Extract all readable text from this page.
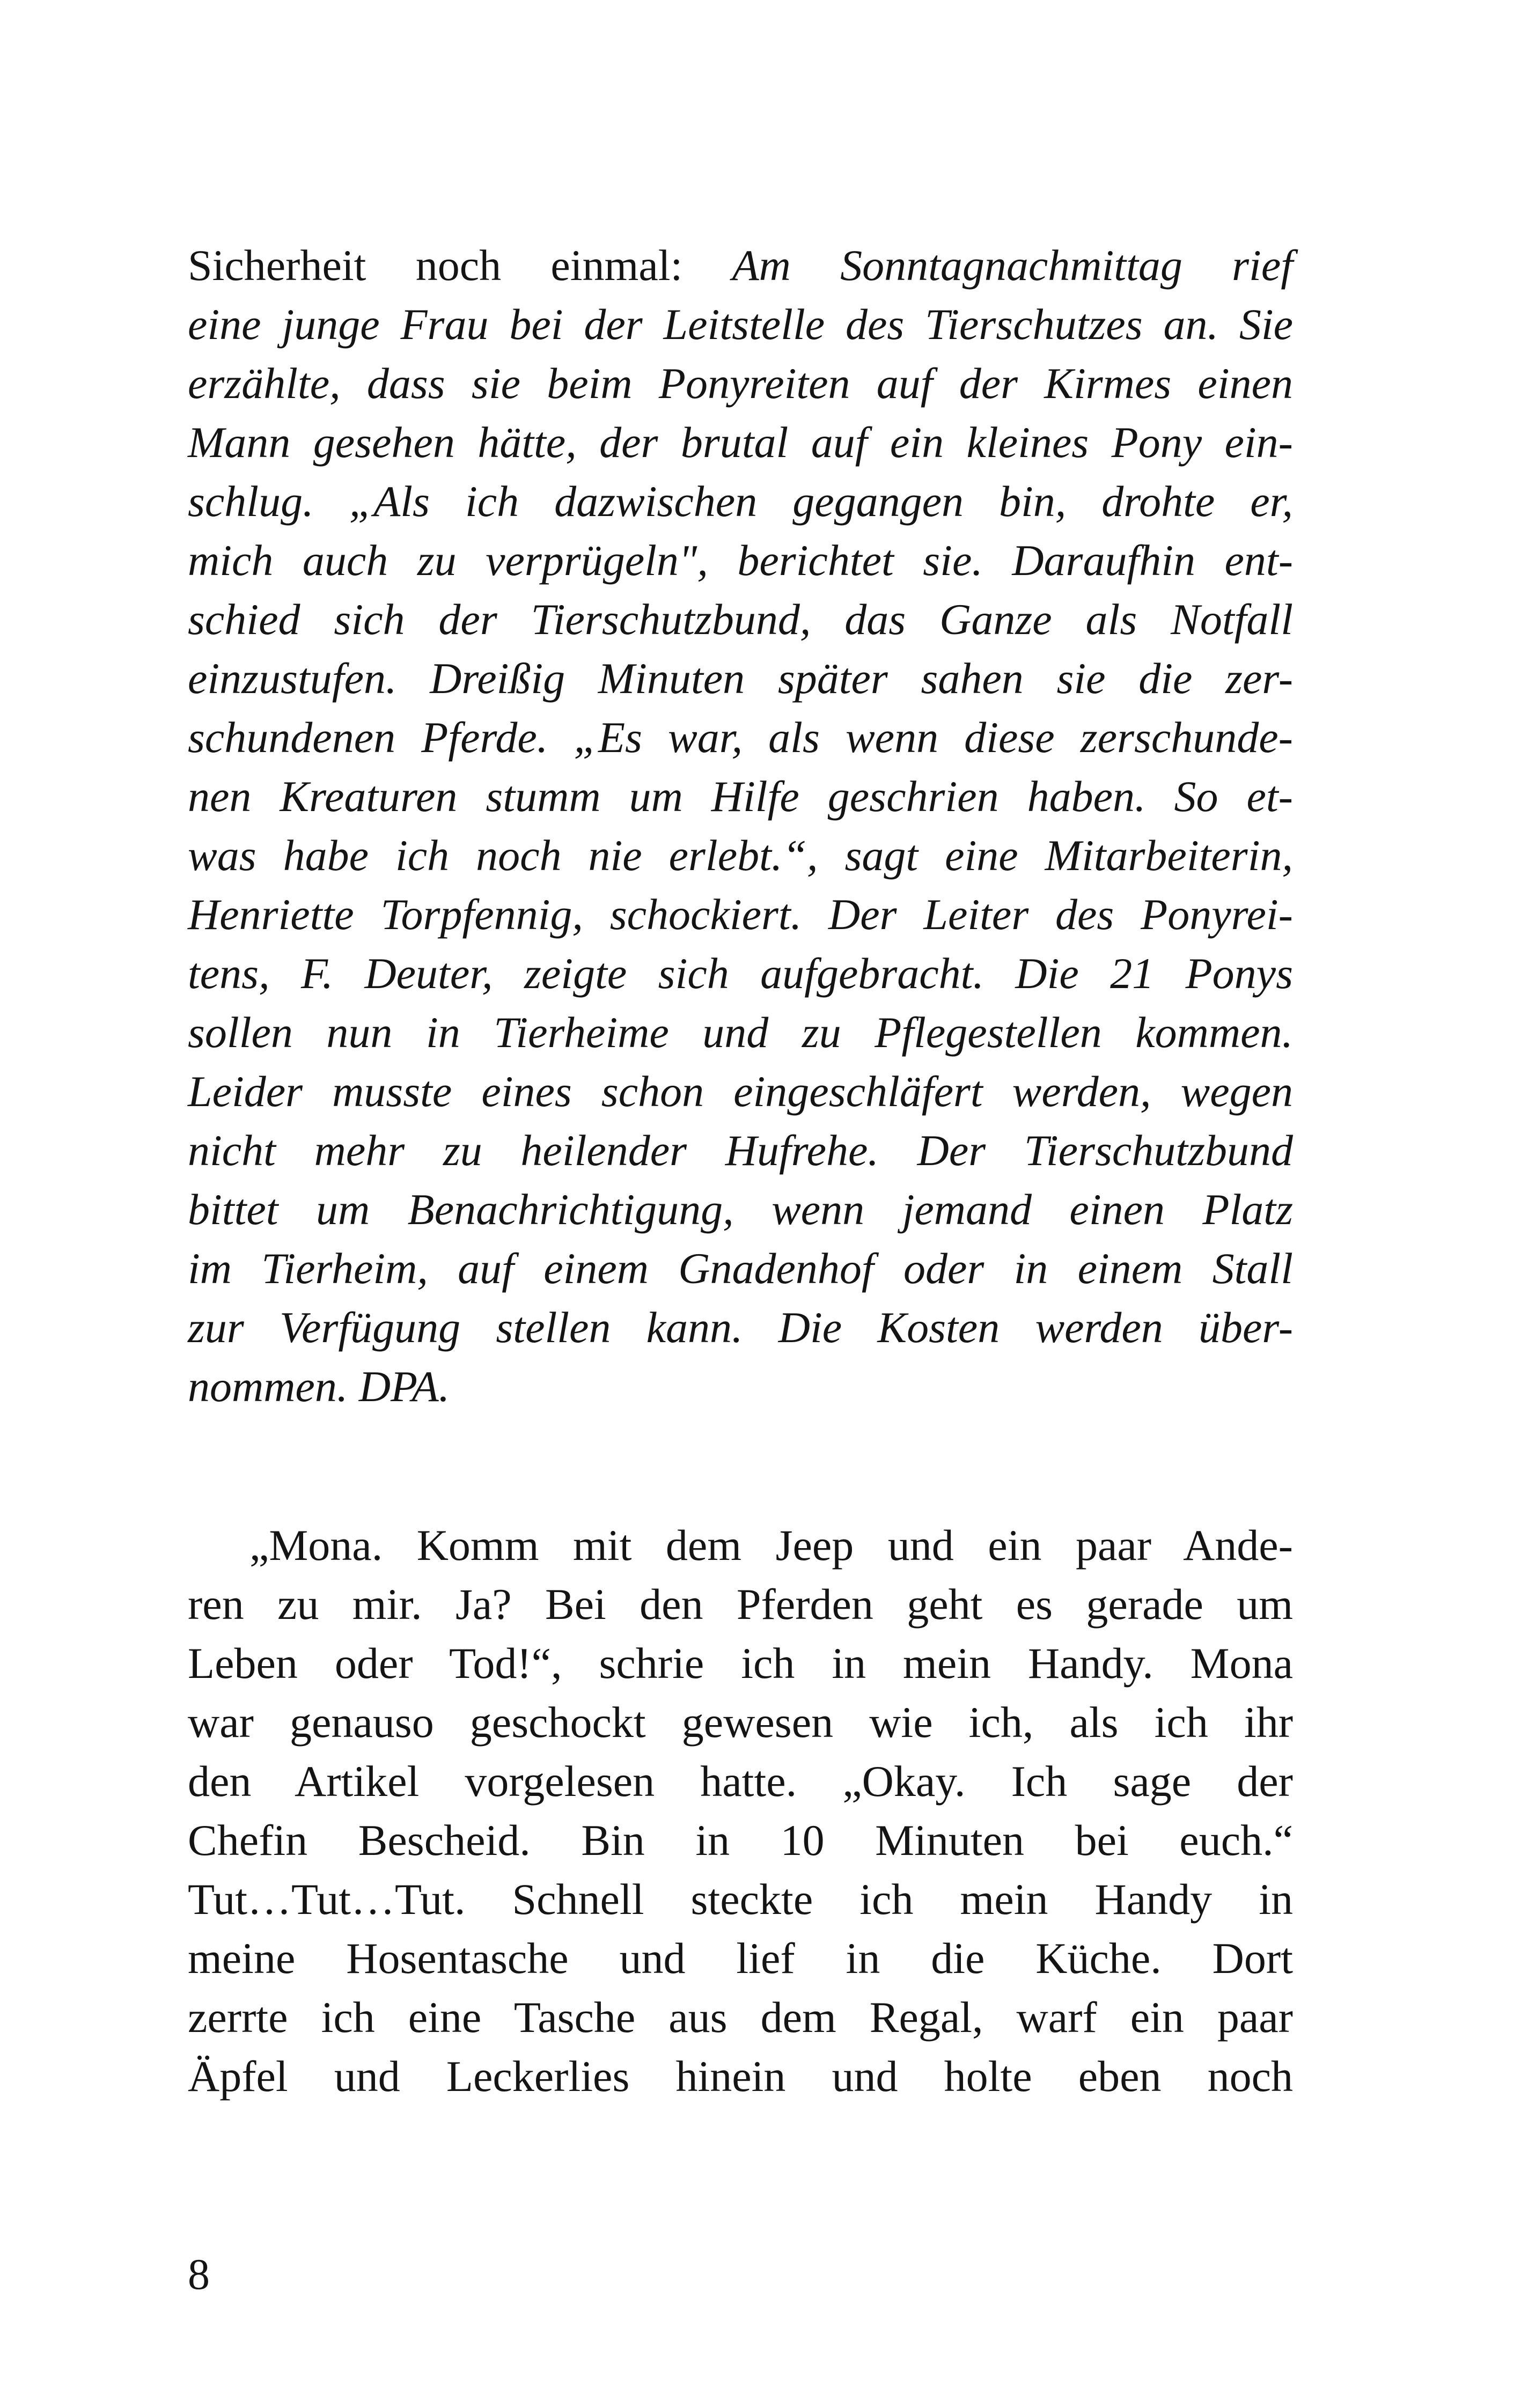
Sicherheit noch einmal: Am Sonntagnachmittag rief

eine junge Frau bei der Leitstelle des Tierschutzes an. Sie

erzählte, dass sie beim Ponyreiten auf der Kirmes einen

Mann gesehen hätte, der brutal auf ein kleines Pony ein-

schlug. „Als ich dazwischen gegangen bin, drohte er,

mich auch zu verprügeln", berichtet sie. Daraufhin ent-

schied sich der Tierschutzbund, das Ganze als Notfall

einzustufen. Dreißig Minuten später sahen sie die zer-

schundenen Pferde. „Es war, als wenn diese zerschunde-

nen Kreaturen stumm um Hilfe geschrien haben. So et-

was habe ich noch nie erlebt.“, sagt eine Mitarbeiterin,

Henriette Torpfennig, schockiert. Der Leiter des Ponyrei-

tens, F. Deuter, zeigte sich aufgebracht. Die 21 Ponys

sollen nun in Tierheime und zu Pflegestellen kommen.

Leider musste eines schon eingeschläfert werden, wegen

nicht mehr zu heilender Hufrehe. Der Tierschutzbund

bittet um Benachrichtigung, wenn jemand einen Platz

im Tierheim, auf einem Gnadenhof oder in einem Stall

zur Verfügung stellen kann. Die Kosten werden über-

nommen. DPA.

„Mona. Komm mit dem Jeep und ein paar Ande-

ren zu mir. Ja? Bei den Pferden geht es gerade um

Leben oder Tod!“, schrie ich in mein Handy. Mona

war genauso geschockt gewesen wie ich, als ich ihr

den Artikel vorgelesen hatte. „Okay. Ich sage der

Chefin Bescheid. Bin in 10 Minuten bei euch.“

Tut…Tut…Tut. Schnell steckte ich mein Handy in

meine Hosentasche und lief in die Küche. Dort

zerrte ich eine Tasche aus dem Regal, warf ein paar

Äpfel und Leckerlies hinein und holte eben noch

8
